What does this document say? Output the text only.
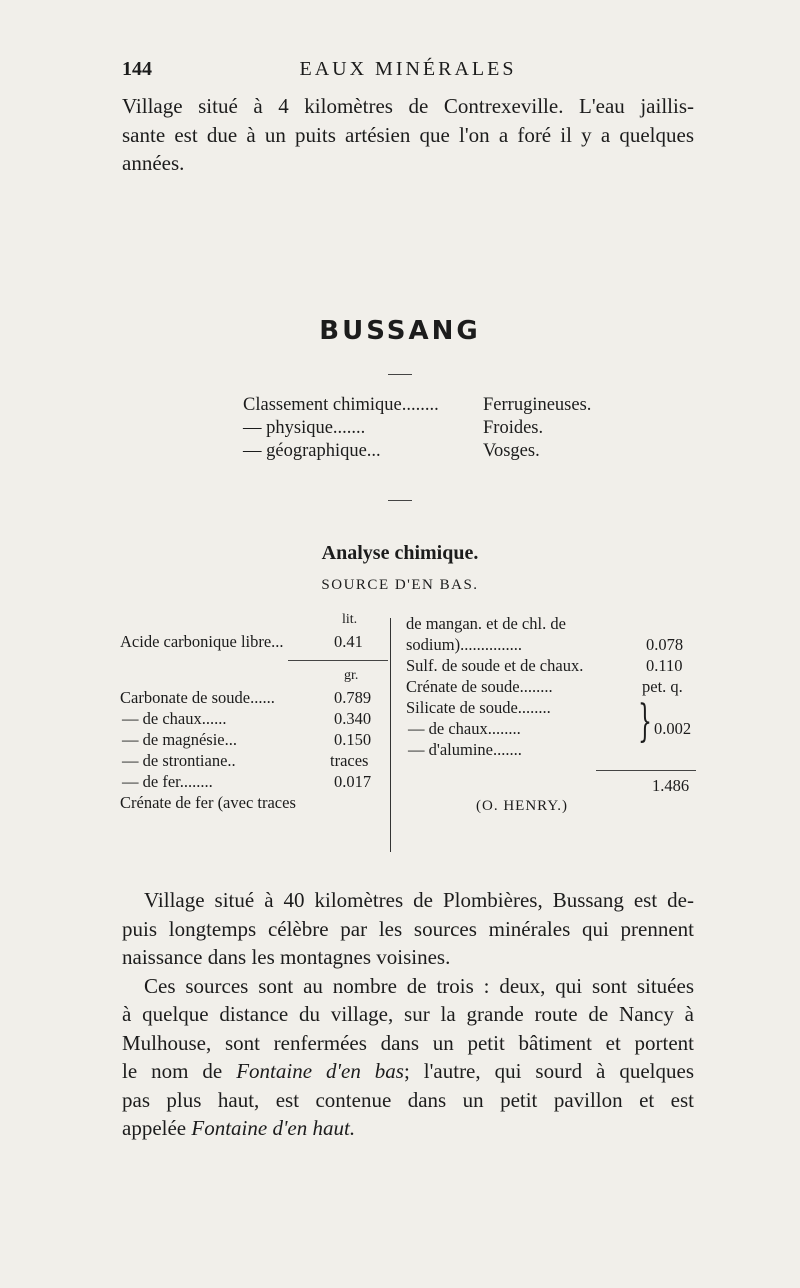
144	EAUX MINÉRALES
Village situé à 4 kilomètres de Contrexeville. L'eau jaillis-
sante est due à un puits artésien que l'on a foré il y a quelques
années.
BUSSANG
Classement chimique........ Ferrugineuses.
— physique.......	Froides.
— géographique...	Vosges.
Analyse chimique.
SOURCE D'EN BAS.
lit.
Acide carbonique libre...	0.41
gr.
Carbonate de soude......	0.789
— de chaux......	0.340
— de magnésie...	0.150
— de strontiane..	traces
— de fer........	0.017
Crénate de fer (avec traces
de mangan. et de chl. de
sodium)...............	0.078
Sulf. de soude et de chaux.	0.110
Crénate de soude........	pet. q.
Silicate de soude........
— de chaux........	0.002
— d'alumine.......
}
1.486
(O. HENRY.)
Village situé à 40 kilomètres de Plombières, Bussang est de-
puis longtemps célèbre par les sources minérales qui prennent
naissance dans les montagnes voisines.
Ces sources sont au nombre de trois : deux, qui sont situées
à quelque distance du village, sur la grande route de Nancy à
Mulhouse, sont renfermées dans un petit bâtiment et portent
le nom de Fontaine d'en bas; l'autre, qui sourd à quelques
pas plus haut, est contenue dans un petit pavillon et est
appelée Fontaine d'en haut.
